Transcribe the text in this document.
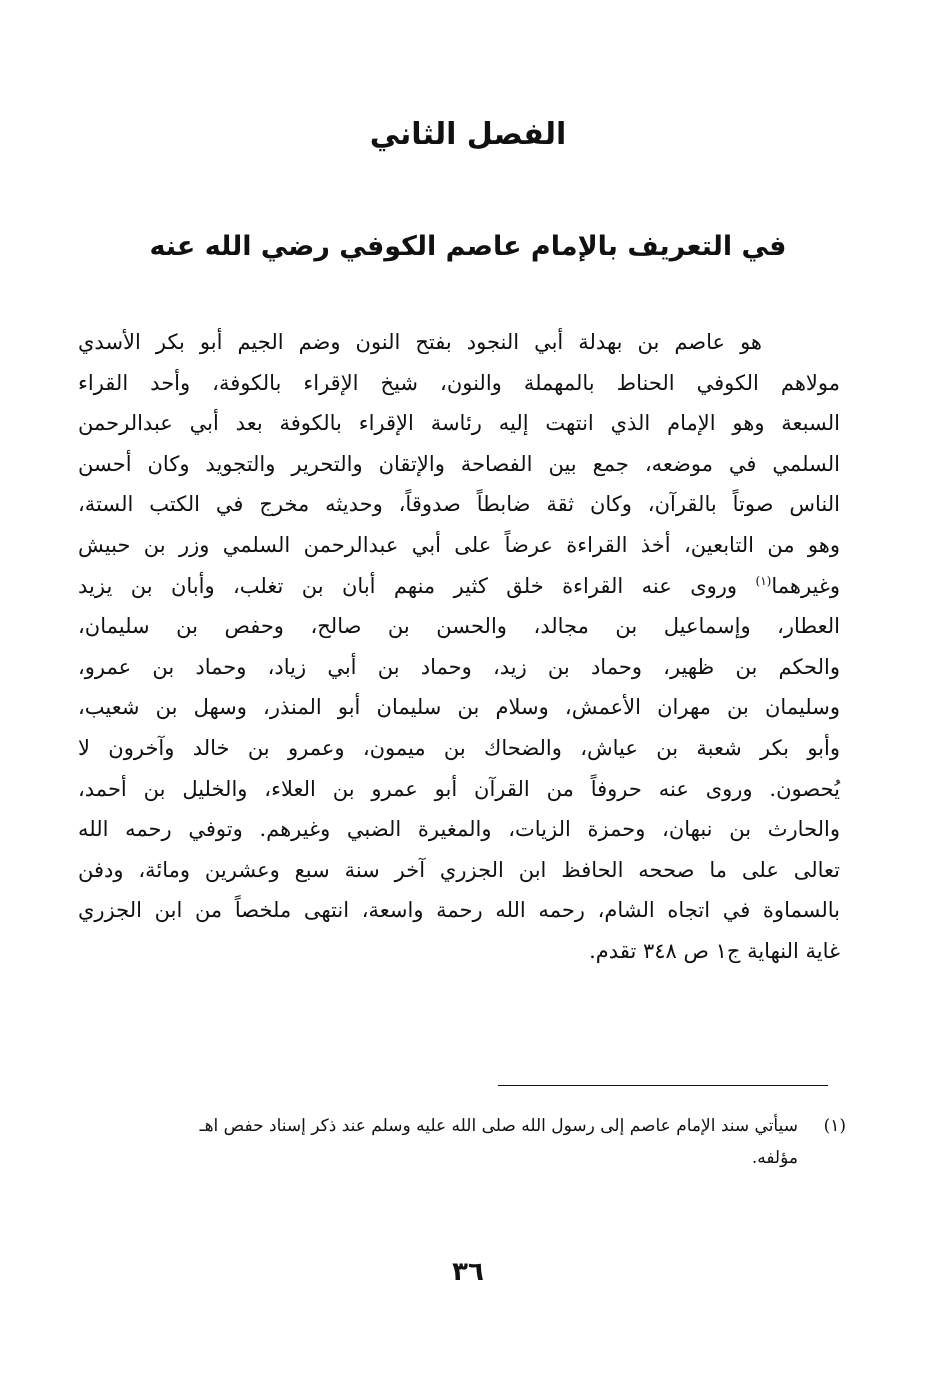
الفصل الثاني
في التعريف بالإمام عاصم الكوفي رضي الله عنه
هو عاصم بن بهدلة أبي النجود بفتح النون وضم الجيم أبو بكر الأسدي
مولاهم الكوفي الحناط بالمهملة والنون، شيخ الإقراء بالكوفة، وأحد القراء
السبعة وهو الإمام الذي انتهت إليه رئاسة الإقراء بالكوفة بعد أبي عبدالرحمن
السلمي في موضعه، جمع بين الفصاحة والإتقان والتحرير والتجويد وكان أحسن
الناس صوتاً بالقرآن، وكان ثقة ضابطاً صدوقاً، وحديثه مخرج في الكتب الستة،
وهو من التابعين، أخذ القراءة عرضاً على أبي عبدالرحمن السلمي وزر بن حبيش
وغيرهما$^{(١)}$ وروى عنه القراءة خلق كثير منهم أبان بن تغلب، وأبان بن يزيد
العطار، وإسماعيل بن مجالد، والحسن بن صالح، وحفص بن سليمان،
والحكم بن ظهير، وحماد بن زيد، وحماد بن أبي زياد، وحماد بن عمرو،
وسليمان بن مهران الأعمش، وسلام بن سليمان أبو المنذر، وسهل بن شعيب،
وأبو بكر شعبة بن عياش، والضحاك بن ميمون، وعمرو بن خالد وآخرون لا
يُحصون. وروى عنه حروفاً من القرآن أبو عمرو بن العلاء، والخليل بن أحمد،
والحارث بن نبهان، وحمزة الزيات، والمغيرة الضبي وغيرهم. وتوفي رحمه الله
تعالى على ما صححه الحافظ ابن الجزري آخر سنة سبع وعشرين ومائة، ودفن
بالسماوة في اتجاه الشام، رحمه الله رحمة واسعة، انتهى ملخصاً من ابن الجزري
غاية النهاية ج١ ص ٣٤٨ تقدم.
(١)سيأتي سند الإمام عاصم إلى رسول الله صلى الله عليه وسلم عند ذكر إسناد حفص اهـ
مؤلفه.
٣٦
